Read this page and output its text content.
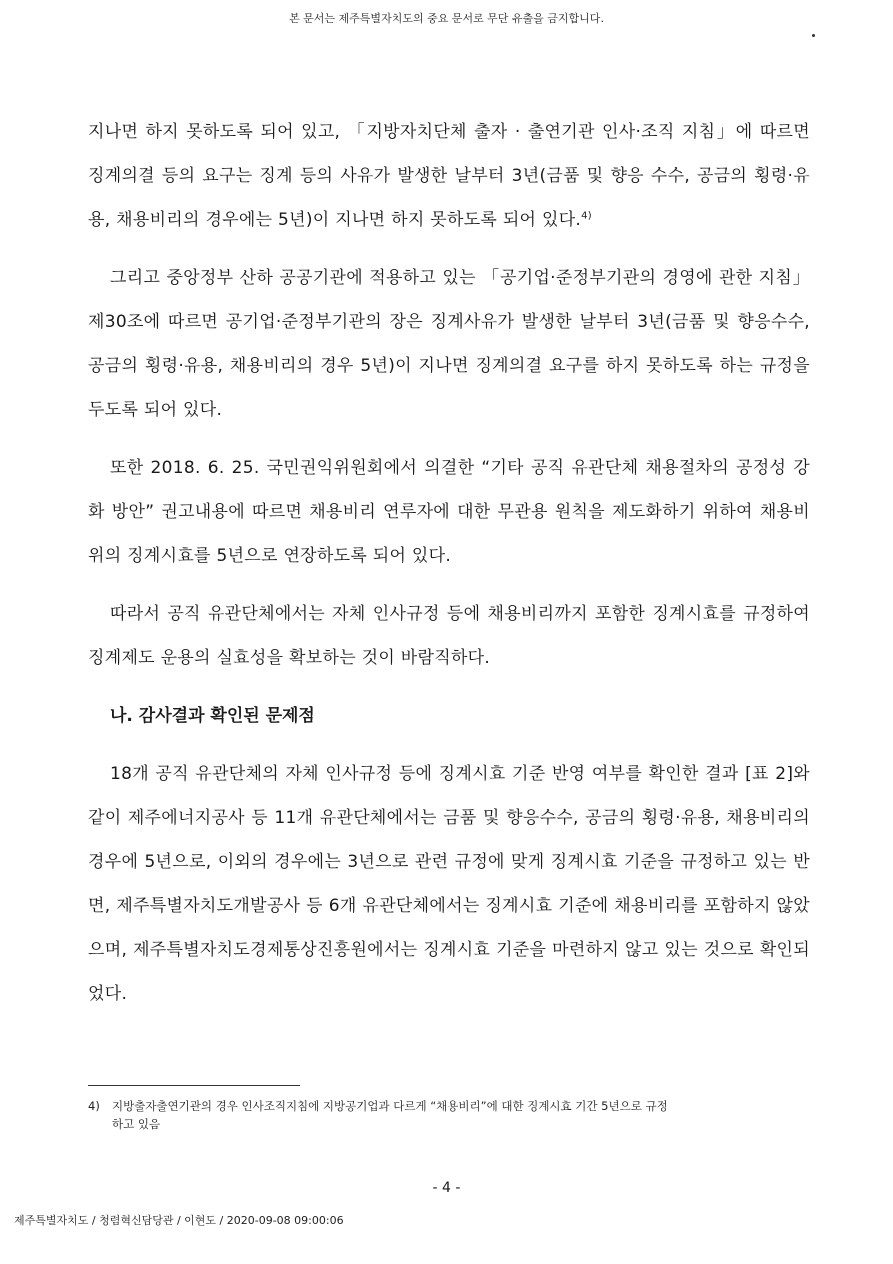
본 문서는 제주특별자치도의 중요 문서로 무단 유출을 금지합니다.

지나면 하지 못하도록 되어 있고, 「지방자치단체 출자 · 출연기관 인사·조직 지침」에 따르면 징계의결 등의 요구는 징계 등의 사유가 발생한 날부터 3년(금품 및 향응 수수, 공금의 횡령·유용, 채용비리의 경우에는 5년)이 지나면 하지 못하도록 되어 있다.$^{4)}$

그리고 중앙정부 산하 공공기관에 적용하고 있는 「공기업·준정부기관의 경영에 관한 지침」 제30조에 따르면 공기업·준정부기관의 장은 징계사유가 발생한 날부터 3년(금품 및 향응수수, 공금의 횡령·유용, 채용비리의 경우 5년)이 지나면 징계의결 요구를 하지 못하도록 하는 규정을 두도록 되어 있다.

또한 2018. 6. 25. 국민권익위원회에서 의결한 “기타 공직 유관단체 채용절차의 공정성 강화 방안” 권고내용에 따르면 채용비리 연루자에 대한 무관용 원칙을 제도화하기 위하여 채용비위의 징계시효를 5년으로 연장하도록 되어 있다.

따라서 공직 유관단체에서는 자체 인사규정 등에 채용비리까지 포함한 징계시효를 규정하여 징계제도 운용의 실효성을 확보하는 것이 바람직하다.

나. 감사결과 확인된 문제점

18개 공직 유관단체의 자체 인사규정 등에 징계시효 기준 반영 여부를 확인한 결과 [표 2]와 같이 제주에너지공사 등 11개 유관단체에서는 금품 및 향응수수, 공금의 횡령·유용, 채용비리의 경우에 5년으로, 이외의 경우에는 3년으로 관련 규정에 맞게 징계시효 기준을 규정하고 있는 반면, 제주특별자치도개발공사 등 6개 유관단체에서는 징계시효 기준에 채용비리를 포함하지 않았으며, 제주특별자치도경제통상진흥원에서는 징계시효 기준을 마련하지 않고 있는 것으로 확인되었다.

4) 지방출자출연기관의 경우 인사조직지침에 지방공기업과 다르게 “채용비리”에 대한 징계시효 기간 5년으로 규정
하고 있음
- 4 -
제주특별자치도 / 청렴혁신담당관 / 이현도 / 2020-09-08 09:00:06
